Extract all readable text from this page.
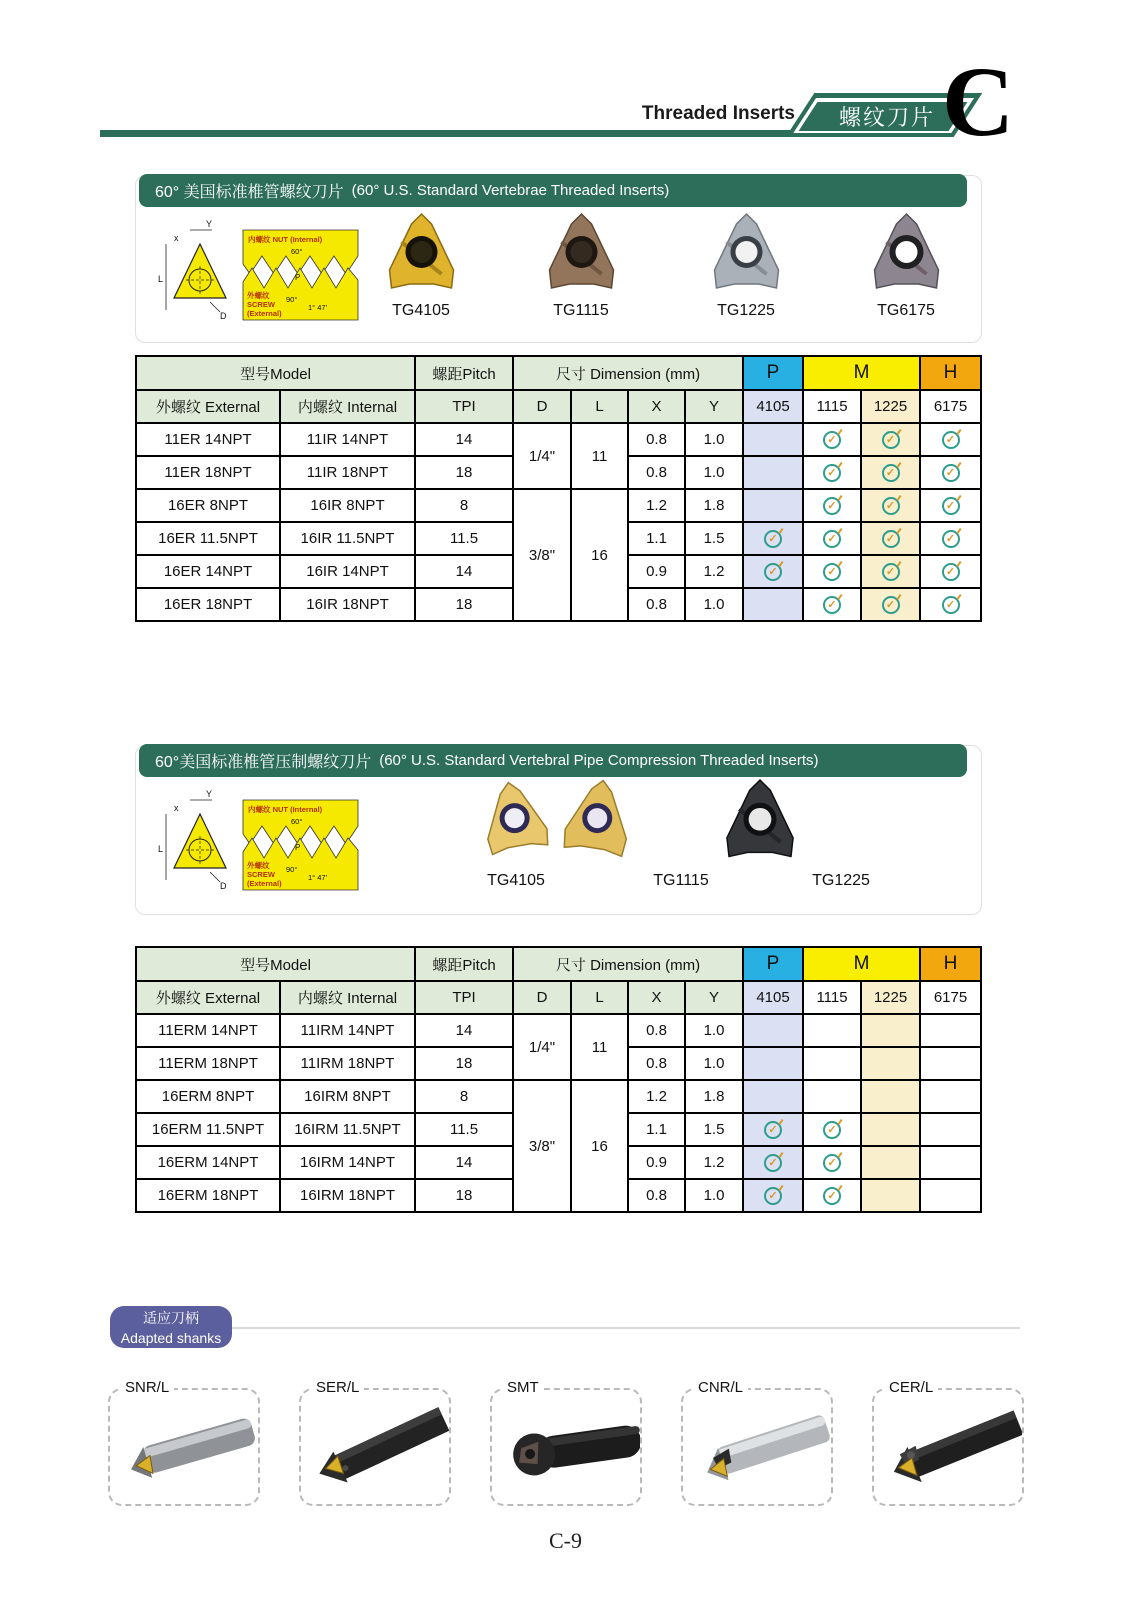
Threaded Inserts	螺纹刀片 C
60° 美国标准椎管螺纹刀片 (60° U.S. Standard Vertebrae Threaded Inserts)
L
Y
x
D
内螺纹 NUT (Internal)
60°
P
90°
1° 47'
外螺纹
SCREW
(External)	TG4105	TG1115	TG1225	TG6175
型号Model		螺距Pitch	尺寸 Dimension (mm)				P	M		H
外螺纹 External	内螺纹 Internal	TPI	D	L	X	Y	4105	1115	1225	6175
11ER 14NPT	11IR 14NPT	14	1/4"	11	0.8	1.0		✓	✓	✓
11ER 18NPT	11IR 18NPT	18			0.8	1.0		✓	✓	✓
16ER 8NPT	16IR 8NPT	8	3/8"	16	1.2	1.8		✓	✓	✓
16ER 11.5NPT	16IR 11.5NPT	11.5			1.1	1.5	✓	✓	✓	✓
16ER 14NPT	16IR 14NPT	14			0.9	1.2	✓	✓	✓	✓
16ER 18NPT	16IR 18NPT	18			0.8	1.0		✓	✓	✓
60°美国标准椎管压制螺纹刀片 (60° U.S. Standard Vertebral Pipe Compression Threaded Inserts)
L
Y
x
D
内螺纹 NUT (Internal)
60°
P
90°
1° 47'
外螺纹
SCREW
(External)	TG4105	TG1115	TG1225
型号Model		螺距Pitch	尺寸 Dimension (mm)				P	M		H
外螺纹 External	内螺纹 Internal	TPI	D	L	X	Y	4105	1115	1225	6175
11ERM 14NPT	11IRM 14NPT	14	1/4"	11	0.8	1.0				
11ERM 18NPT	11IRM 18NPT	18			0.8	1.0				
16ERM 8NPT	16IRM 8NPT	8	3/8"	16	1.2	1.8				
16ERM 11.5NPT	16IRM 11.5NPT	11.5			1.1	1.5	✓	✓		
16ERM 14NPT	16IRM 14NPT	14			0.9	1.2	✓	✓		
16ERM 18NPT	16IRM 18NPT	18			0.8	1.0	✓	✓		
适应刀柄
Adapted shanks
SNR/L	SER/L	SMT	CNR/L	CER/L
C-9
